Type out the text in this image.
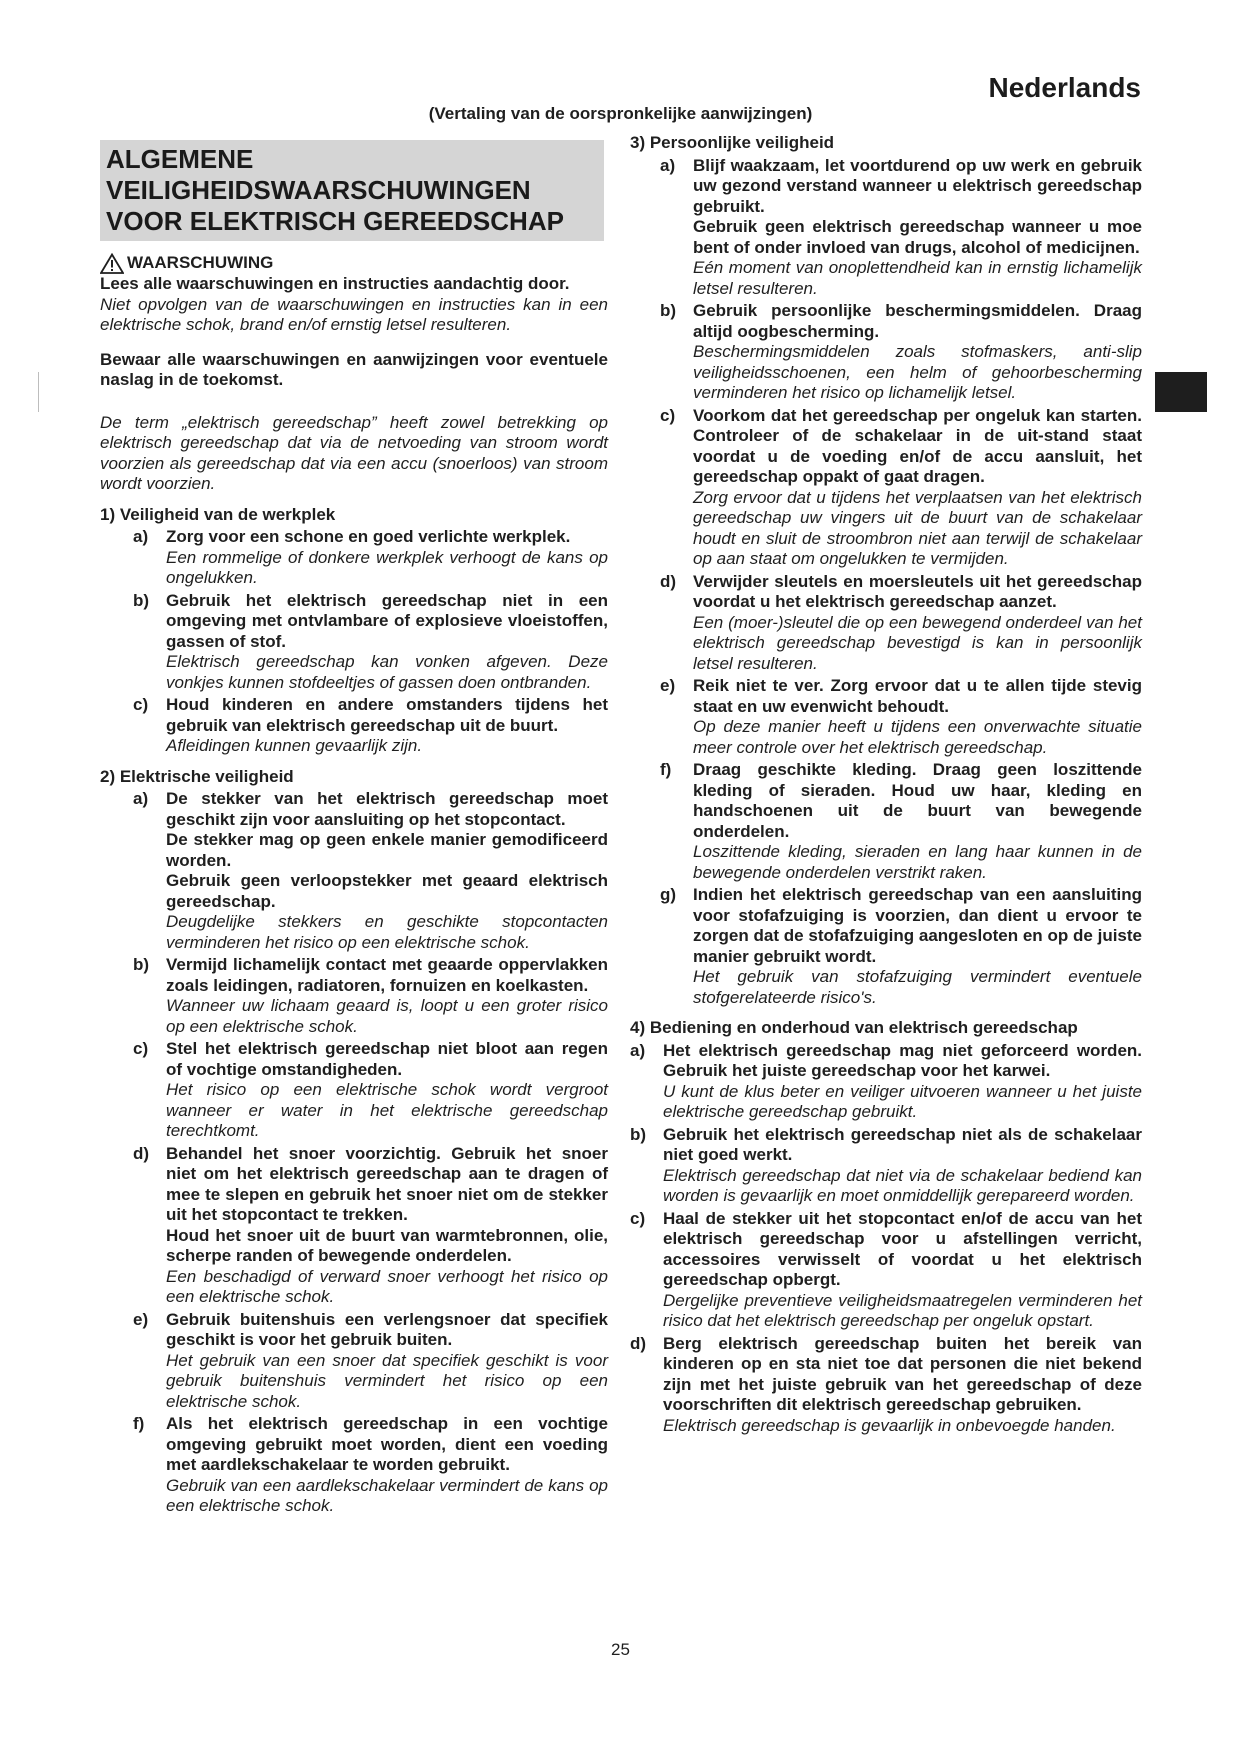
Nederlands
(Vertaling van de oorspronkelijke aanwijzingen)
ALGEMENE
VEILIGHEIDSWAARSCHUWINGEN
VOOR ELEKTRISCH GEREEDSCHAP
WAARSCHUWING

Lees alle waarschuwingen en instructies aandachtig door.

Niet opvolgen van de waarschuwingen en instructies kan in een elektrische schok, brand en/of ernstig letsel resulteren.

Bewaar alle waarschuwingen en aanwijzingen voor eventuele naslag in de toekomst.

De term „elektrisch gereedschap” heeft zowel betrekking op elektrisch gereedschap dat via de netvoeding van stroom wordt voorzien als gereedschap dat via een accu (snoerloos) van stroom wordt voorzien.

1) Veiligheid van de werkplek

a)	Zorg voor een schone en goed verlichte werkplek.

Een rommelige of donkere werkplek verhoogt de kans op ongelukken.

b) Gebruik het elektrisch gereedschap niet in een omgeving met ontvlambare of explosieve vloeistoffen, gassen of stof.

Elektrisch gereedschap kan vonken afgeven. Deze vonkjes kunnen stofdeeltjes of gassen doen ontbranden.

c)	Houd kinderen en andere omstanders tijdens het gebruik van elektrisch gereedschap uit de buurt.

Afleidingen kunnen gevaarlijk zijn.

2) Elektrische veiligheid

a)	De stekker van het elektrisch gereedschap moet geschikt zijn voor aansluiting op het stopcontact.

De stekker mag op geen enkele manier gemodificeerd worden.

Gebruik geen verloopstekker met geaard elektrisch gereedschap.

Deugdelijke stekkers en geschikte stopcontacten verminderen het risico op een elektrische schok.

b) Vermijd lichamelijk contact met geaarde oppervlakken zoals leidingen, radiatoren, fornuizen en koelkasten.

Wanneer uw lichaam geaard is, loopt u een groter risico op een elektrische schok.

c)	Stel het elektrisch gereedschap niet bloot aan regen of vochtige omstandigheden.

Het risico op een elektrische schok wordt vergroot wanneer er water in het elektrische gereedschap terechtkomt.

d) Behandel het snoer voorzichtig. Gebruik het snoer niet om het elektrisch gereedschap aan te dragen of mee te slepen en gebruik het snoer niet om de stekker uit het stopcontact te trekken.

Houd het snoer uit de buurt van warmtebronnen, olie, scherpe randen of bewegende onderdelen.

Een beschadigd of verward snoer verhoogt het risico op een elektrische schok.

e)	Gebruik buitenshuis een verlengsnoer dat specifiek geschikt is voor het gebruik buiten.

Het gebruik van een snoer dat specifiek geschikt is voor gebruik buitenshuis vermindert het risico op een elektrische schok.

f)	Als het elektrisch gereedschap in een vochtige omgeving gebruikt moet worden, dient een voeding met aardlekschakelaar te worden gebruikt.

Gebruik van een aardlekschakelaar vermindert de kans op een elektrische schok.

3) Persoonlijke veiligheid

a)	Blijf waakzaam, let voortdurend op uw werk en gebruik uw gezond verstand wanneer u elektrisch gereedschap gebruikt.

Gebruik geen elektrisch gereedschap wanneer u moe bent of onder invloed van drugs, alcohol of medicijnen.

Eén moment van onoplettendheid kan in ernstig lichamelijk letsel resulteren.

b) Gebruik persoonlijke beschermingsmiddelen. Draag altijd oogbescherming.

Beschermingsmiddelen zoals stofmaskers, anti-slip veiligheidsschoenen, een helm of gehoorbescherming verminderen het risico op lichamelijk letsel.

c)	Voorkom dat het gereedschap per ongeluk kan starten. Controleer of de schakelaar in de uit-stand staat voordat u de voeding en/of de accu aansluit, het gereedschap oppakt of gaat dragen.

Zorg ervoor dat u tijdens het verplaatsen van het elektrisch gereedschap uw vingers uit de buurt van de schakelaar houdt en sluit de stroombron niet aan terwijl de schakelaar op aan staat om ongelukken te vermijden.

d) Verwijder sleutels en moersleutels uit het gereedschap voordat u het elektrisch gereedschap aanzet.

Een (moer-)sleutel die op een bewegend onderdeel van het elektrisch gereedschap bevestigd is kan in persoonlijk letsel resulteren.

e)	Reik niet te ver. Zorg ervoor dat u te allen tijde stevig staat en uw evenwicht behoudt.

Op deze manier heeft u tijdens een onverwachte situatie meer controle over het elektrisch gereedschap.

f)	Draag geschikte kleding. Draag geen loszittende kleding of sieraden. Houd uw haar, kleding en handschoenen uit de buurt van bewegende onderdelen.

Loszittende kleding, sieraden en lang haar kunnen in de bewegende onderdelen verstrikt raken.

g) Indien het elektrisch gereedschap van een aansluiting voor stofafzuiging is voorzien, dan dient u ervoor te zorgen dat de stofafzuiging aangesloten en op de juiste manier gebruikt wordt.

Het gebruik van stofafzuiging vermindert eventuele stofgerelateerde risico's.

4) Bediening en onderhoud van elektrisch gereedschap

a)	Het elektrisch gereedschap mag niet geforceerd worden. Gebruik het juiste gereedschap voor het karwei.

U kunt de klus beter en veiliger uitvoeren wanneer u het juiste elektrische gereedschap gebruikt.

b) Gebruik het elektrisch gereedschap niet als de schakelaar niet goed werkt.

Elektrisch gereedschap dat niet via de schakelaar bediend kan worden is gevaarlijk en moet onmiddellijk gerepareerd worden.

c)	Haal de stekker uit het stopcontact en/of de accu van het elektrisch gereedschap voor u afstellingen verricht, accessoires verwisselt of voordat u het elektrisch gereedschap opbergt.

Dergelijke preventieve veiligheidsmaatregelen verminderen het risico dat het elektrisch gereedschap per ongeluk opstart.

d) Berg elektrisch gereedschap buiten het bereik van kinderen op en sta niet toe dat personen die niet bekend zijn met het juiste gebruik van het gereedschap of deze voorschriften dit elektrisch gereedschap gebruiken.

Elektrisch gereedschap is gevaarlijk in onbevoegde handen.

25
